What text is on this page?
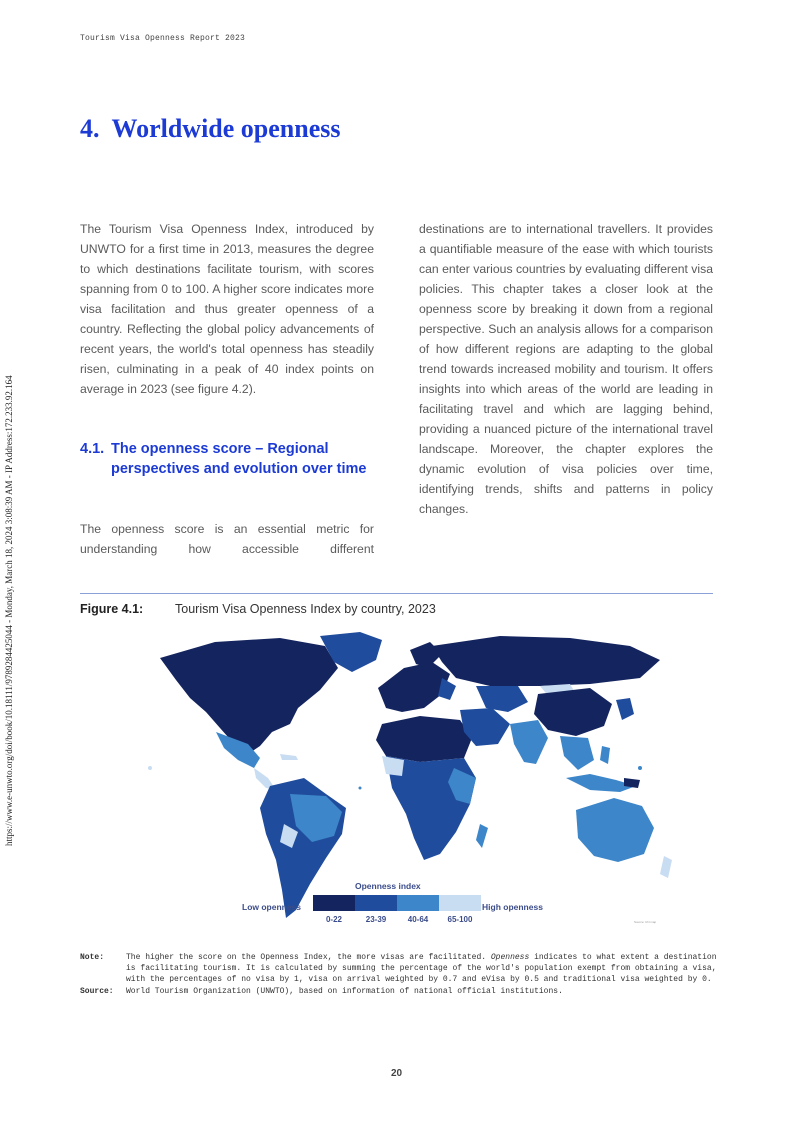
Tourism Visa Openness Report 2023
https://www.e-unwto.org/doi/book/10.18111/9789284425044 - Monday, March 18, 2024 3:08:39 AM - IP Address:172.233.92.164
4. Worldwide openness

The Tourism Visa Openness Index, introduced by UNWTO for a first time in 2013, measures the degree to which destinations facilitate tourism, with scores spanning from 0 to 100. A higher score indicates more visa facilitation and thus greater openness of a country. Reflecting the global policy advancements of recent years, the world's total openness has steadily risen, culminating in a peak of 40 index points on average in 2023 (see figure 4.2).

4.1. The openness score – Regional perspectives and evolution over time

The openness score is an essential metric for understanding how accessible different

destinations are to international travellers. It provides a quantifiable measure of the ease with which tourists can enter various countries by evaluating different visa policies. This chapter takes a closer look at the openness score by breaking it down from a regional perspective. Such an analysis allows for a comparison of how different regions are adapting to the global trend towards increased mobility and tourism. It offers insights into which areas of the world are leading in facilitating travel and which are lagging behind, providing a nuanced picture of the international travel landscape. Moreover, the chapter explores the dynamic evolution of visa policies over time, identifying trends, shifts and patterns in policy changes.

Figure 4.1:	Tourism Visa Openness Index by country, 2023
Openness index
Low openness	High openness
0-22	23-39	40-64	65-100	Source: UN map
Note:	The higher the score on the Openness Index, the more visas are facilitated. Openness indicates to what extent a destination is facilitating tourism. It is calculated by summing the percentage of the world's population exempt from obtaining a visa, with the percentages of no visa by 1, visa on arrival weighted by 0.7 and eVisa by 0.5 and traditional visa weighted by 0.
Source:	World Tourism Organization (UNWTO), based on information of national official institutions.
20
